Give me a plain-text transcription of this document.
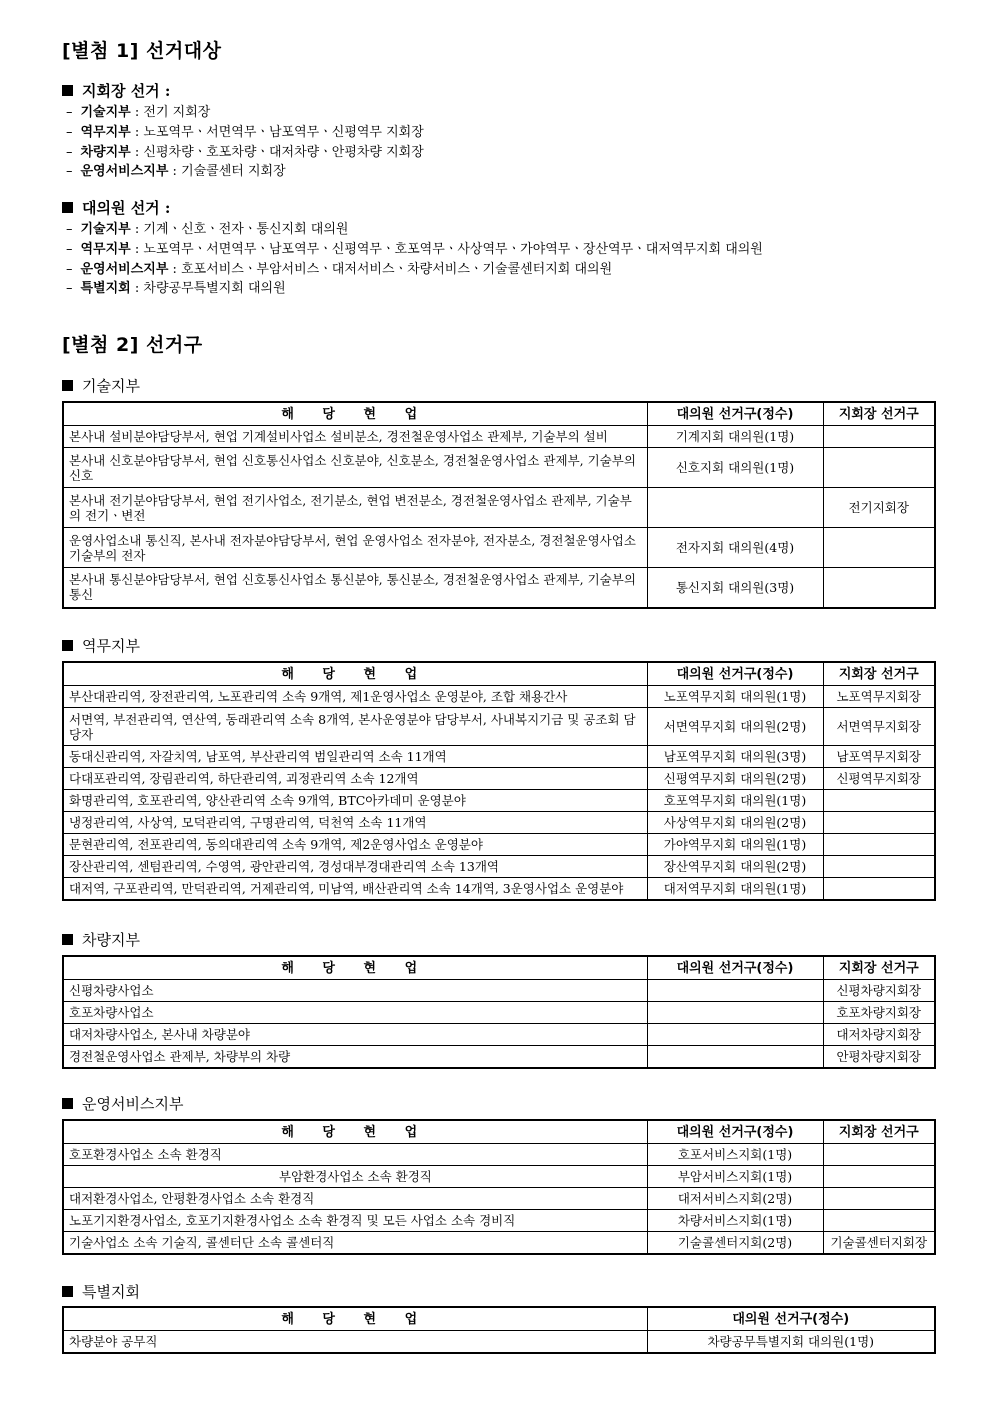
[별첨 1] 선거대상
지회장 선거 :
– 기술지부 : 전기 지회장
– 역무지부 : 노포역무ㆍ서면역무ㆍ남포역무ㆍ신평역무 지회장
– 차량지부 : 신평차량ㆍ호포차량ㆍ대저차량ㆍ안평차량 지회장
– 운영서비스지부 : 기술콜센터 지회장
대의원 선거 :
– 기술지부 : 기계ㆍ신호ㆍ전자ㆍ통신지회 대의원
– 역무지부 : 노포역무ㆍ서면역무ㆍ남포역무ㆍ신평역무ㆍ호포역무ㆍ사상역무ㆍ가야역무ㆍ장산역무ㆍ대저역무지회 대의원
– 운영서비스지부 : 호포서비스ㆍ부암서비스ㆍ대저서비스ㆍ차량서비스ㆍ기술콜센터지회 대의원
– 특별지회 : 차량공무특별지회 대의원
[별첨 2] 선거구
기술지부
해 당 현 업	대의원 선거구(정수)	지회장 선거구
본사내 설비분야담당부서, 현업 기계설비사업소 설비분소, 경전철운영사업소 관제부, 기술부의 설비	기계지회 대의원(1명)	
본사내 신호분야담당부서, 현업 신호통신사업소 신호분야, 신호분소, 경전철운영사업소 관제부, 기술부의 신호	신호지회 대의원(1명)	
본사내 전기분야담당부서, 현업 전기사업소, 전기분소, 현업 변전분소, 경전철운영사업소 관제부, 기술부의 전기ㆍ변전		전기지회장
운영사업소내 통신직, 본사내 전자분야담당부서, 현업 운영사업소 전자분야, 전자분소, 경전철운영사업소 기술부의 전자	전자지회 대의원(4명)	
본사내 통신분야담당부서, 현업 신호통신사업소 통신분야, 통신분소, 경전철운영사업소 관제부, 기술부의 통신	통신지회 대의원(3명)	
역무지부
해 당 현 업	대의원 선거구(정수)	지회장 선거구
부산대관리역, 장전관리역, 노포관리역 소속 9개역, 제1운영사업소 운영분야, 조합 채용간사	노포역무지회 대의원(1명)	노포역무지회장
서면역, 부전관리역, 연산역, 동래관리역 소속 8개역, 본사운영분야 담당부서, 사내복지기금 및 공조회 담당자	서면역무지회 대의원(2명)	서면역무지회장
동대신관리역, 자갈치역, 남포역, 부산관리역 범일관리역 소속 11개역	남포역무지회 대의원(3명)	남포역무지회장
다대포관리역, 장림관리역, 하단관리역, 괴정관리역 소속 12개역	신평역무지회 대의원(2명)	신평역무지회장
화명관리역, 호포관리역, 양산관리역 소속 9개역, BTC아카데미 운영분야	호포역무지회 대의원(1명)	
냉정관리역, 사상역, 모덕관리역, 구명관리역, 덕천역 소속 11개역	사상역무지회 대의원(2명)	
문현관리역, 전포관리역, 동의대관리역 소속 9개역, 제2운영사업소 운영분야	가야역무지회 대의원(1명)	
장산관리역, 센텀관리역, 수영역, 광안관리역, 경성대부경대관리역 소속 13개역	장산역무지회 대의원(2명)	
대저역, 구포관리역, 만덕관리역, 거제관리역, 미남역, 배산관리역 소속 14개역, 3운영사업소 운영분야	대저역무지회 대의원(1명)	
차량지부
해 당 현 업	대의원 선거구(정수)	지회장 선거구
신평차량사업소		신평차량지회장
호포차량사업소		호포차량지회장
대저차량사업소, 본사내 차량분야		대저차량지회장
경전철운영사업소 관제부, 차량부의 차량		안평차량지회장
운영서비스지부
해 당 현 업	대의원 선거구(정수)	지회장 선거구
호포환경사업소 소속 환경직	호포서비스지회(1명)	
부암환경사업소 소속 환경직	부암서비스지회(1명)	
대저환경사업소, 안평환경사업소 소속 환경직	대저서비스지회(2명)	
노포기지환경사업소, 호포기지환경사업소 소속 환경직 및 모든 사업소 소속 경비직	차량서비스지회(1명)	
기술사업소 소속 기술직, 콜센터단 소속 콜센터직	기술콜센터지회(2명)	기술콜센터지회장
특별지회
해 당 현 업	대의원 선거구(정수)
차량분야 공무직	차량공무특별지회 대의원(1명)
